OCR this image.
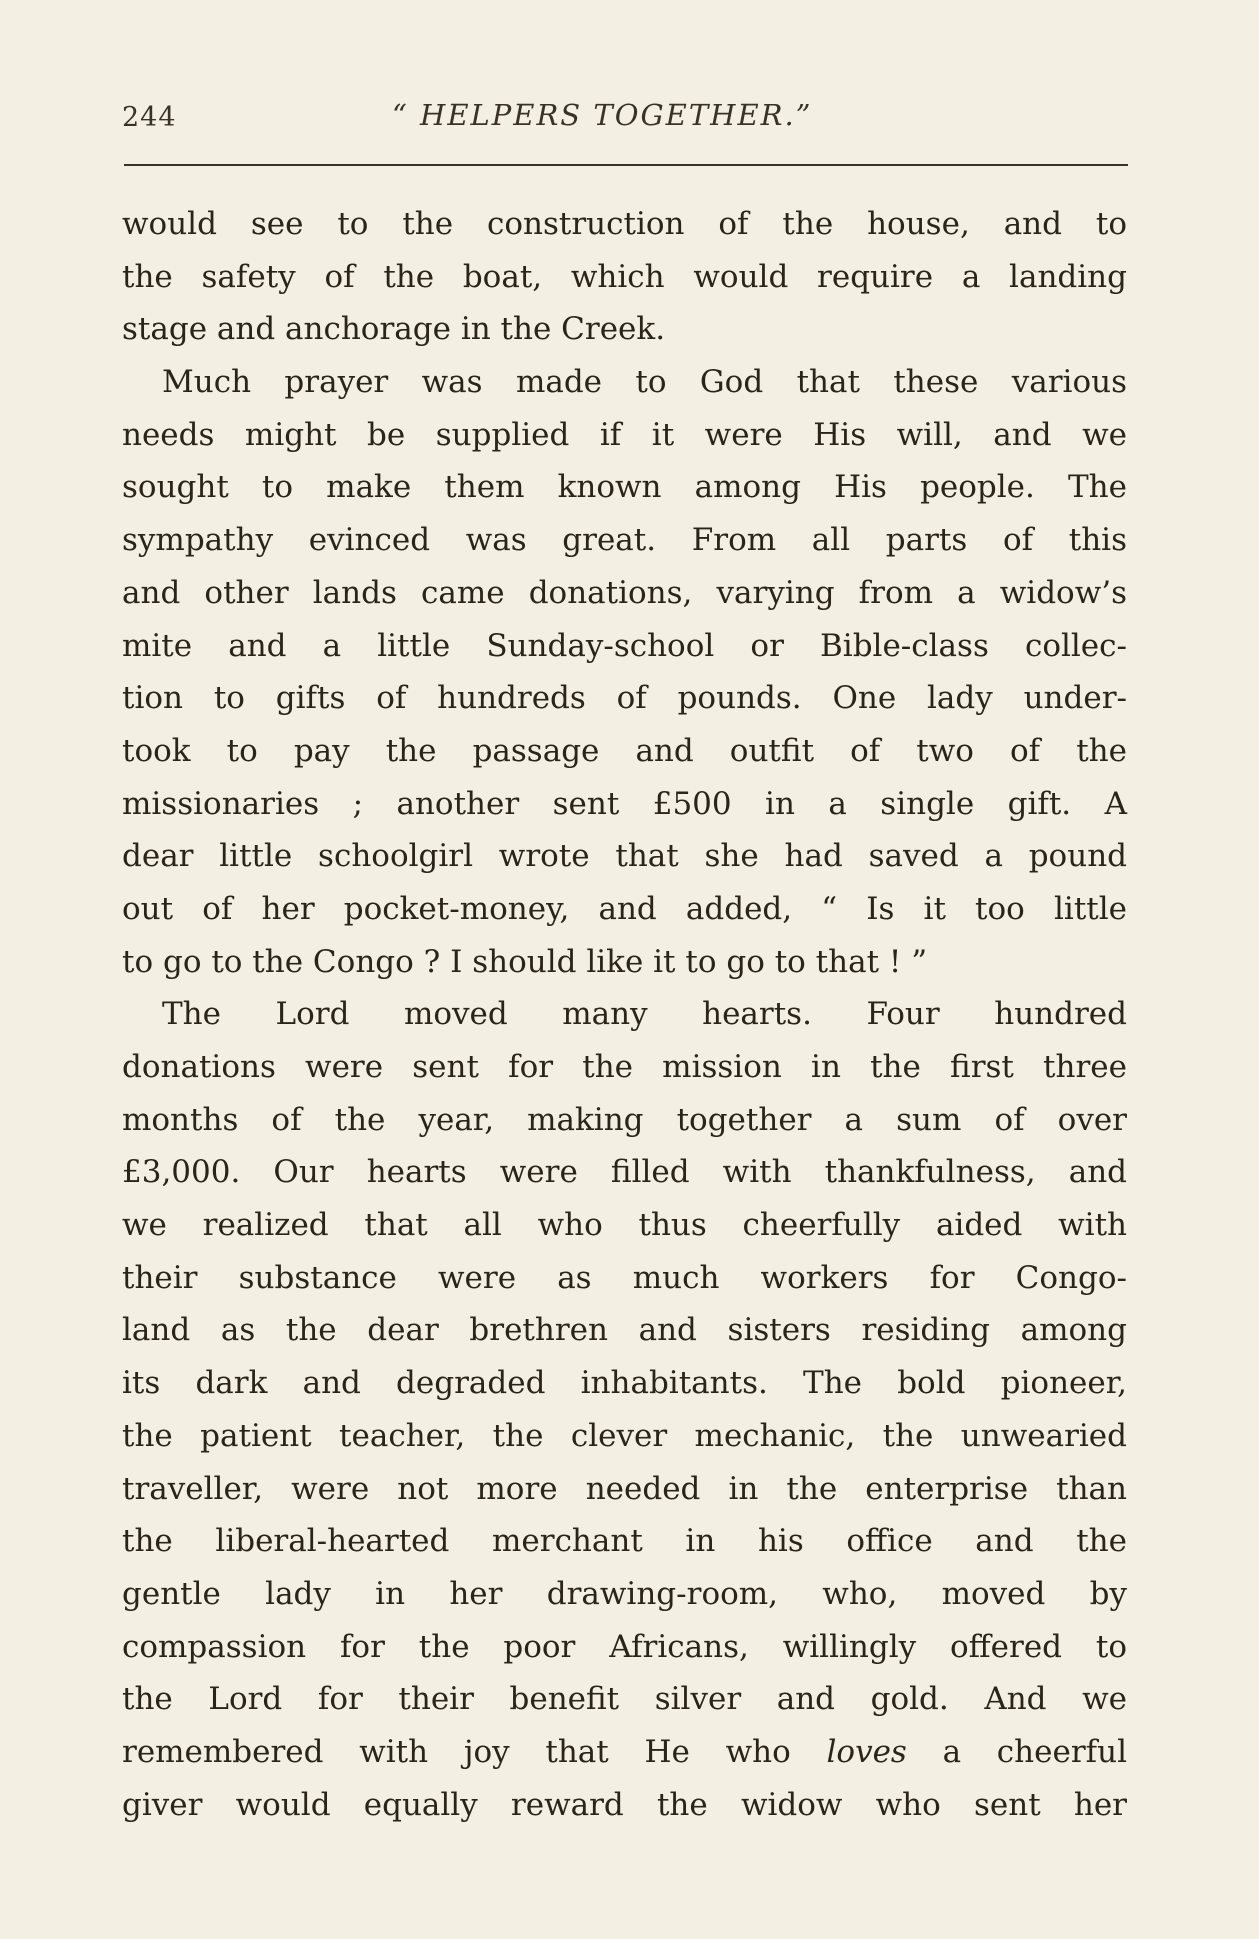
244	“ HELPERS TOGETHER.”
would see to the construction of the house, and to
the safety of the boat, which would require a landing
stage and anchorage in the Creek.
Much prayer was made to God that these various
needs might be supplied if it were His will, and we
sought to make them known among His people. The
sympathy evinced was great. From all parts of this
and other lands came donations, varying from a widow’s
mite and a little Sunday-school or Bible-class collec-
tion to gifts of hundreds of pounds. One lady under-
took to pay the passage and outfit of two of the
missionaries ; another sent £500 in a single gift. A
dear little schoolgirl wrote that she had saved a pound
out of her pocket-money, and added, “ Is it too little
to go to the Congo ? I should like it to go to that ! ”
The Lord moved many hearts. Four hundred
donations were sent for the mission in the first three
months of the year, making together a sum of over
£3,000. Our hearts were filled with thankfulness, and
we realized that all who thus cheerfully aided with
their substance were as much workers for Congo-
land as the dear brethren and sisters residing among
its dark and degraded inhabitants. The bold pioneer,
the patient teacher, the clever mechanic, the unwearied
traveller, were not more needed in the enterprise than
the liberal-hearted merchant in his office and the
gentle lady in her drawing-room, who, moved by
compassion for the poor Africans, willingly offered to
the Lord for their benefit silver and gold. And we
remembered with joy that He who loves a cheerful
giver would equally reward the widow who sent her
